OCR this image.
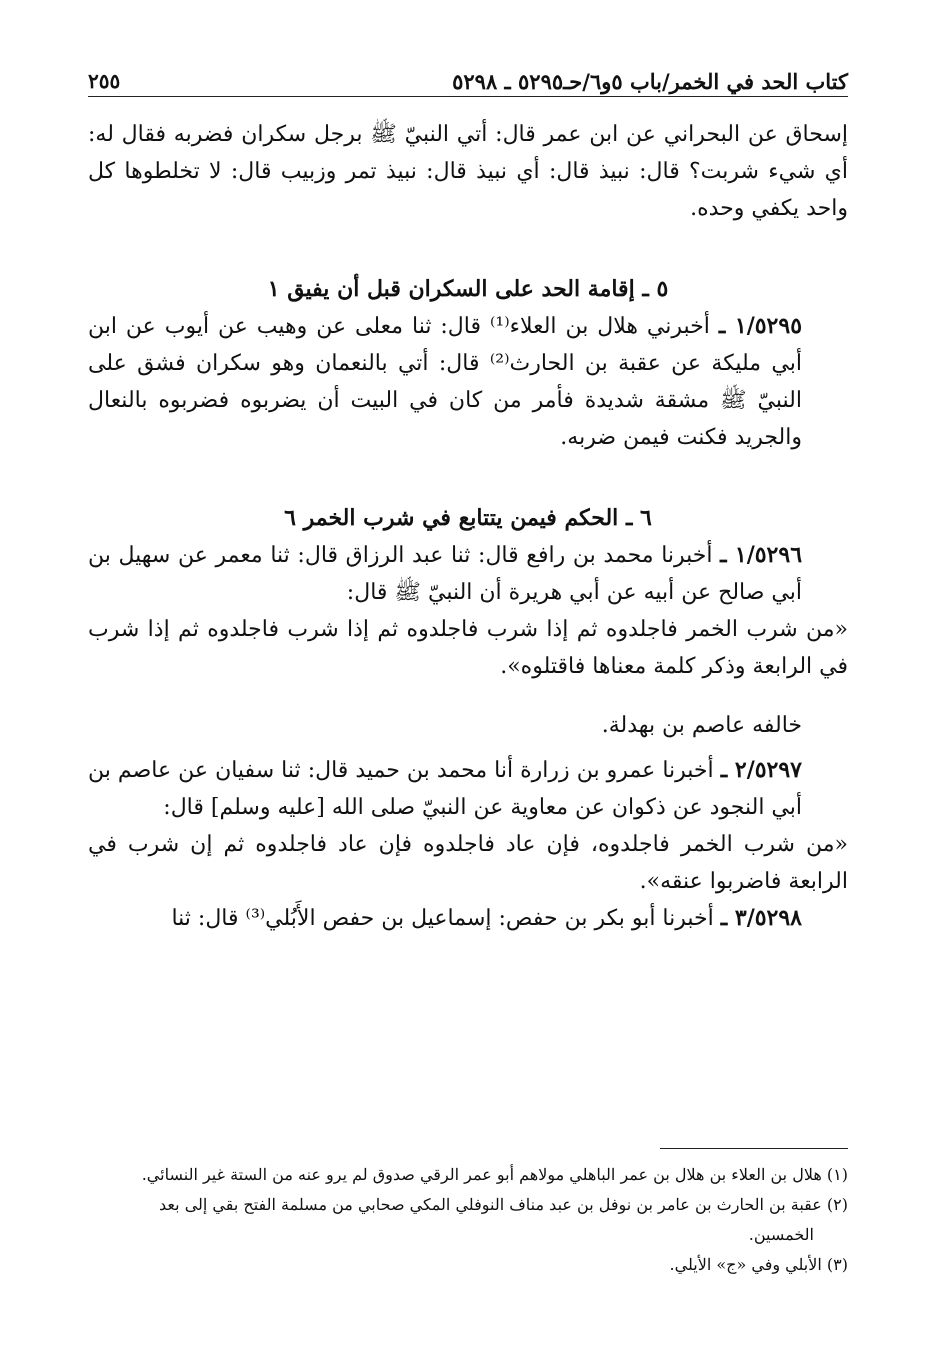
٢٥٥	كتاب الحد في الخمر/باب ٥و٦/حـ٥٢٩٥ ـ ٥٢٩٨

إسحاق عن البحراني عن ابن عمر قال: أتي النبيّ ﷺ برجل سكران فضربه فقال له: أي شيء شربت؟ قال: نبيذ قال: أي نبيذ قال: نبيذ تمر وزبيب قال: لا تخلطوها كل واحد يكفي وحده.

٥ ـ إقامة الحد على السكران قبل أن يفيق ١

١/٥٢٩٥ ـ أخبرني هلال بن العلاء⁽¹⁾ قال: ثنا معلى عن وهيب عن أيوب عن ابن أبي مليكة عن عقبة بن الحارث⁽²⁾ قال: أتي بالنعمان وهو سكران فشق على النبيّ ﷺ مشقة شديدة فأمر من كان في البيت أن يضربوه فضربوه بالنعال والجريد فكنت فيمن ضربه.

٦ ـ الحكم فيمن يتتابع في شرب الخمر ٦

١/٥٢٩٦ ـ أخبرنا محمد بن رافع قال: ثنا عبد الرزاق قال: ثنا معمر عن سهيل بن أبي صالح عن أبيه عن أبي هريرة أن النبيّ ﷺ قال:

«من شرب الخمر فاجلدوه ثم إذا شرب فاجلدوه ثم إذا شرب فاجلدوه ثم إذا شرب في الرابعة وذكر كلمة معناها فاقتلوه».

خالفه عاصم بن بهدلة.

٢/٥٢٩٧ ـ أخبرنا عمرو بن زرارة أنا محمد بن حميد قال: ثنا سفيان عن عاصم بن أبي النجود عن ذكوان عن معاوية عن النبيّ صلى الله [عليه وسلم] قال:

«من شرب الخمر فاجلدوه، فإن عاد فاجلدوه فإن عاد فاجلدوه ثم إن شرب في الرابعة فاضربوا عنقه».

٣/٥٢٩٨ ـ أخبرنا أبو بكر بن حفص: إسماعيل بن حفص الأَبُلي⁽³⁾ قال: ثنا

(١) هلال بن العلاء بن هلال بن عمر الباهلي مولاهم أبو عمر الرقي صدوق لم يرو عنه من الستة غير النسائي.
(٢) عقبة بن الحارث بن عامر بن نوفل بن عبد مناف النوفلي المكي صحابي من مسلمة الفتح بقي إلى بعد
الخمسين.
(٣) الأبلي وفي «ج» الأيلي.
